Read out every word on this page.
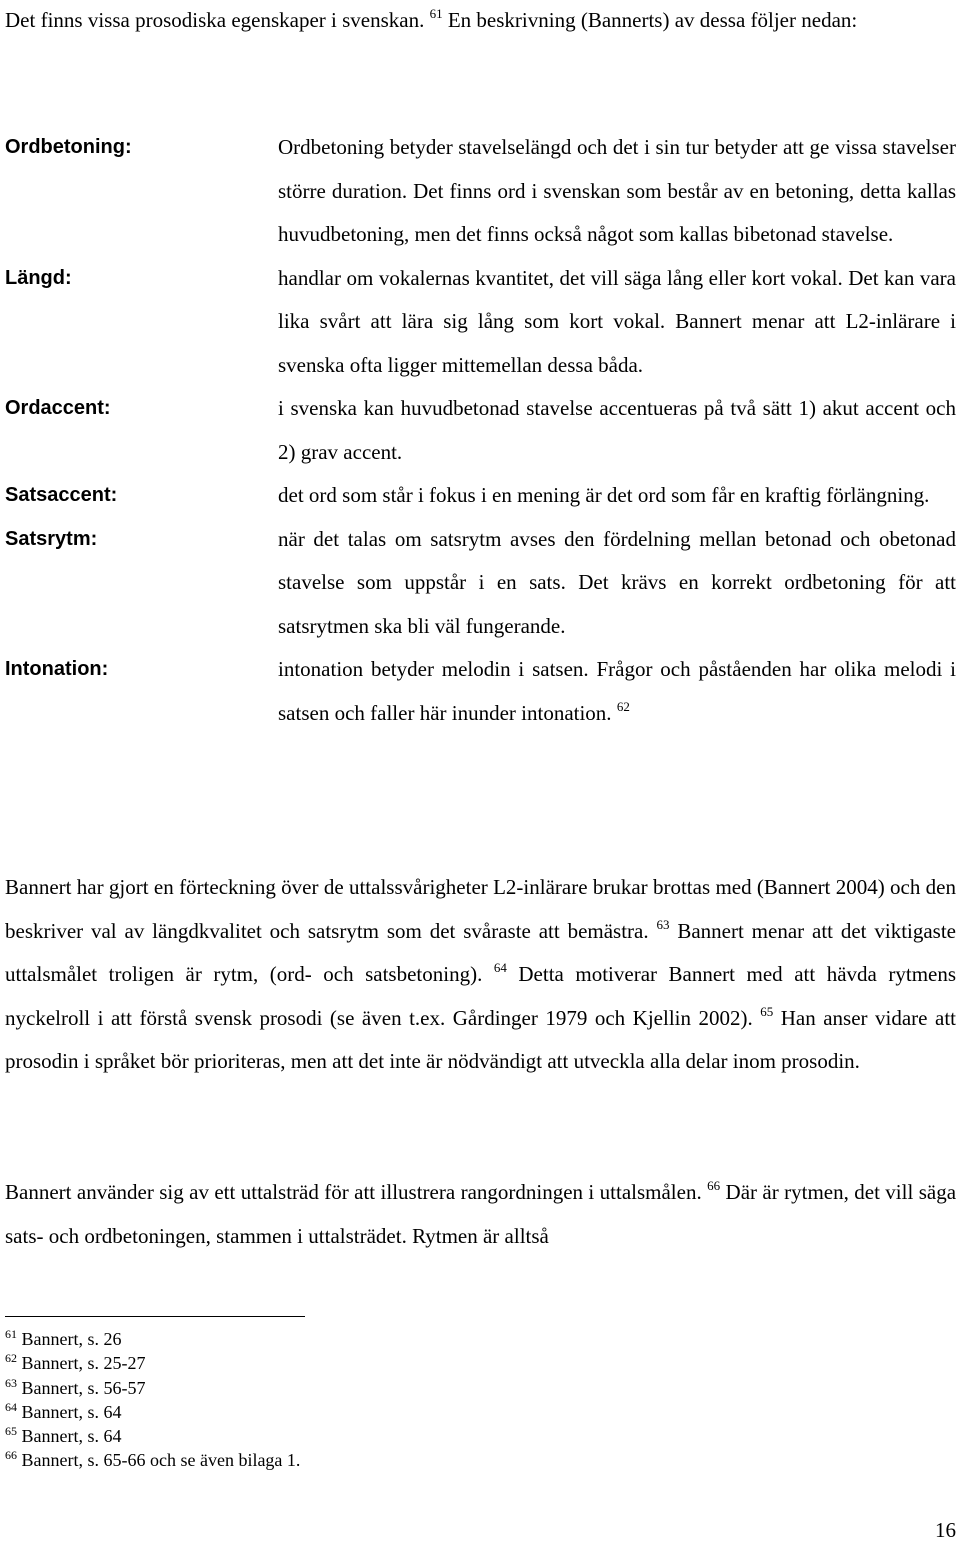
Det finns vissa prosodiska egenskaper i svenskan. $^{61}$ En beskrivning (Bannerts) av dessa följer nedan:

Ordbetoning:	Ordbetoning betyder stavelselängd och det i sin tur betyder att ge vissa stavelser större duration. Det finns ord i svenskan som består av en betoning, detta kallas huvudbetoning, men det finns också något som kallas bibetonad stavelse.
Längd:	handlar om vokalernas kvantitet, det vill säga lång eller kort vokal. Det kan vara lika svårt att lära sig lång som kort vokal. Bannert menar att L2-inlärare i svenska ofta ligger mittemellan dessa båda.
Ordaccent:	i svenska kan huvudbetonad stavelse accentueras på två sätt 1) akut accent och 2) grav accent.
Satsaccent:	det ord som står i fokus i en mening är det ord som får en kraftig förlängning.
Satsrytm:	när det talas om satsrytm avses den fördelning mellan betonad och obetonad stavelse som uppstår i en sats. Det krävs en korrekt ordbetoning för att satsrytmen ska bli väl fungerande.
Intonation:	intonation betyder melodin i satsen. Frågor och påståenden har olika melodi i satsen och faller här inunder intonation. $^{62}$

Bannert har gjort en förteckning över de uttalssvårigheter L2-inlärare brukar brottas med (Bannert 2004) och den beskriver val av längdkvalitet och satsrytm som det svåraste att bemästra. $^{63}$ Bannert menar att det viktigaste uttalsmålet troligen är rytm, (ord- och satsbetoning). $^{64}$ Detta motiverar Bannert med att hävda rytmens nyckelroll i att förstå svensk prosodi (se även t.ex. Gårdinger 1979 och Kjellin 2002). $^{65}$ Han anser vidare att prosodin i språket bör prioriteras, men att det inte är nödvändigt att utveckla alla delar inom prosodin.

Bannert använder sig av ett uttalsträd för att illustrera rangordningen i uttalsmålen. $^{66}$ Där är rytmen, det vill säga sats- och ordbetoningen, stammen i uttalsträdet. Rytmen är alltså

$^{61}$ Bannert, s. 26
$^{62}$ Bannert, s. 25-27
$^{63}$ Bannert, s. 56-57
$^{64}$ Bannert, s. 64
$^{65}$ Bannert, s. 64
$^{66}$ Bannert, s. 65-66 och se även bilaga 1.
16
